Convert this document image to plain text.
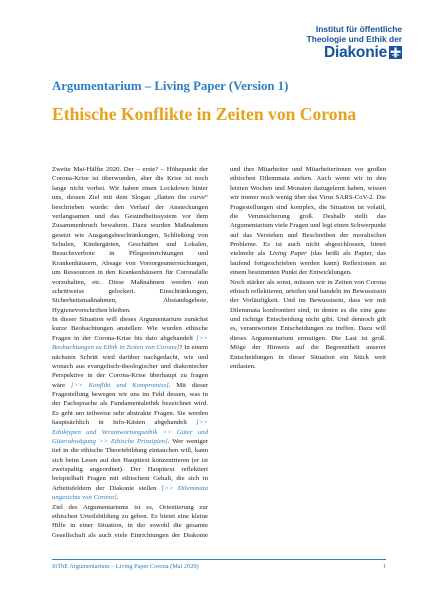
Institut für öffentliche
Theologie und Ethik der
Diakonie
Argumentarium – Living Paper (Version 1)
Ethische Konflikte in Zeiten von Corona

Zweite Mai-Hälfte 2020. Der – erste? – Höhepunkt der Corona-Krise ist überwunden, aber die Krise ist noch lange nicht vorbei. Wir haben einen Lockdown hinter uns, dessen Ziel mit dem Slogan „flatten the curve“ beschrieben wurde: den Verlauf der Ansteckungen verlangsamen und das Gesundheitssystem vor dem Zusammenbruch bewahren. Dazu wurden Maßnahmen gesetzt wie Ausgangsbeschränkungen, Schließung von Schulen, Kindergärten, Geschäften und Lokalen, Besuchsverbote in Pflegeeinrichtungen und Krankenhäusern, Absage von Vorsorgeuntersuchungen, um Ressourcen in den Krankenhäusern für Coronafälle vorzuhalten, etc. Diese Maßnahmen werden nun schrittweise gelockert. Einschränkungen, Sicherheitsmaßnahmen, Abstandsgebote, Hygienevorschriften bleiben.

In dieser Situation will dieses Argumentarium zunächst kurze Beobachtungen anstellen: Wie wurden ethische Fragen in der Corona-Krise bis dato abgehandelt [>> Beobachtungen zu Ethik in Zeiten von Corona]? In einem nächsten Schritt wird darüber nachgedacht, wie und wonach aus evangelisch-theologischer und diakonischer Perspektive in der Corona-Krise überhaupt zu fragen wäre [>> Konflikt und Kompromiss]. Mit dieser Fragestellung bewegen wir uns im Feld dessen, was in der Fachsprache als Fundamentalethik bezeichnet wird. Es geht um teilweise sehr abstrakte Fragen. Sie werden hauptsächlich in Info-Kästen abgehandelt [>> Ethiktypen und Verantwortungsethik >> Güter und Güterabwägung >> Ethische Prinzipien]. Wer weniger tief in die ethische Theoriebildung eintauchen will, kann sich beim Lesen auf den Haupttext konzentrieren (er ist zweispaltig angeordnet). Der Haupttext reflektiert beispielhaft Fragen mit ethischem Gehalt, die sich in Arbeitsfeldern der Diakonie stellen [>> Dilemmata angesichts von Corona].

Ziel des Argumentariums ist es, Orientierung zur ethischen Urteilsbildung zu geben. Es bietet eine kleine Hilfe in einer Situation, in der sowohl die gesamte Gesellschaft als auch viele Einrichtungen der Diakonie und ihre Mitarbeiter und Mitarbeiterinnen vor großen ethischen Dilemmata stehen. Auch wenn wir in den letzten Wochen und Monaten dazugelernt haben, wissen wir immer noch wenig über das Virus SARS-CoV-2. Die Fragestellungen sind komplex, die Situation ist volatil, die Verunsicherung groß. Deshalb stellt das Argumentarium viele Fragen und legt einen Schwerpunkt auf das Verstehen und Beschreiben der moralischen Probleme. Es ist auch nicht abgeschlossen, bietet vielmehr als Living Paper (das heißt als Papier, das laufend fortgeschrieben werden kann) Reflexionen an einem bestimmten Punkt der Entwicklungen.

Noch stärker als sonst, müssen wir in Zeiten von Corona ethisch reflektieren, urteilen und handeln im Bewusstsein der Vorläufigkeit. Und im Bewusstsein, dass wir mit Dilemmata konfrontiert sind, in denen es die eine gute und richtige Entscheidung nicht gibt. Und dennoch gilt es, verantwortete Entscheidungen zu treffen. Dazu will dieses Argumentarium ermutigen. Die Last ist groß. Möge der Hinweis auf die Begrenztheit unserer Entscheidungen in dieser Situation ein Stück weit entlasten.

IöThE Argumentarium – Living Paper Corona (Mai 2020)	1
